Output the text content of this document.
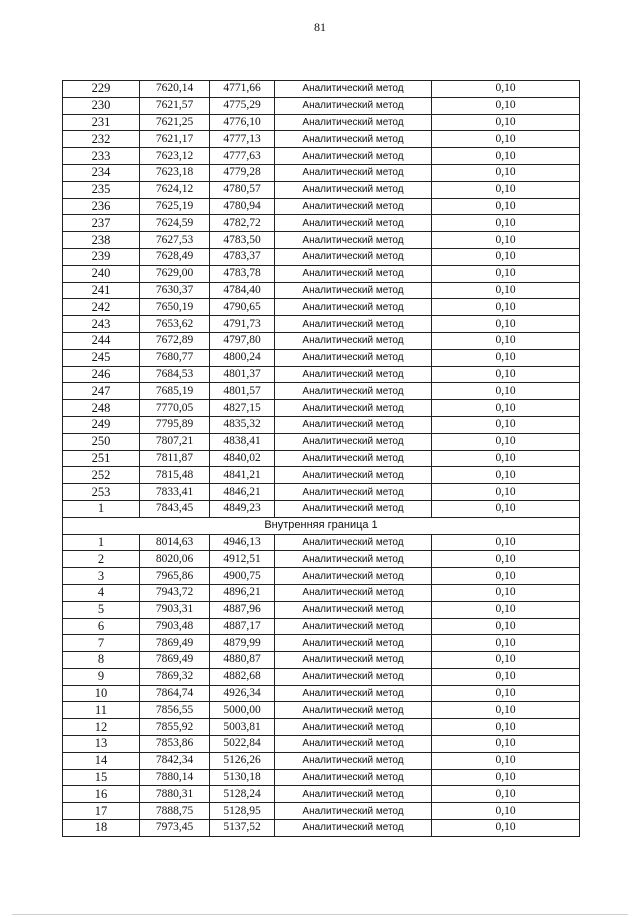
81
229	7620,14	4771,66	Аналитический метод	0,10
230	7621,57	4775,29	Аналитический метод	0,10
231	7621,25	4776,10	Аналитический метод	0,10
232	7621,17	4777,13	Аналитический метод	0,10
233	7623,12	4777,63	Аналитический метод	0,10
234	7623,18	4779,28	Аналитический метод	0,10
235	7624,12	4780,57	Аналитический метод	0,10
236	7625,19	4780,94	Аналитический метод	0,10
237	7624,59	4782,72	Аналитический метод	0,10
238	7627,53	4783,50	Аналитический метод	0,10
239	7628,49	4783,37	Аналитический метод	0,10
240	7629,00	4783,78	Аналитический метод	0,10
241	7630,37	4784,40	Аналитический метод	0,10
242	7650,19	4790,65	Аналитический метод	0,10
243	7653,62	4791,73	Аналитический метод	0,10
244	7672,89	4797,80	Аналитический метод	0,10
245	7680,77	4800,24	Аналитический метод	0,10
246	7684,53	4801,37	Аналитический метод	0,10
247	7685,19	4801,57	Аналитический метод	0,10
248	7770,05	4827,15	Аналитический метод	0,10
249	7795,89	4835,32	Аналитический метод	0,10
250	7807,21	4838,41	Аналитический метод	0,10
251	7811,87	4840,02	Аналитический метод	0,10
252	7815,48	4841,21	Аналитический метод	0,10
253	7833,41	4846,21	Аналитический метод	0,10
1	7843,45	4849,23	Аналитический метод	0,10
Внутренняя граница 1				
1	8014,63	4946,13	Аналитический метод	0,10
2	8020,06	4912,51	Аналитический метод	0,10
3	7965,86	4900,75	Аналитический метод	0,10
4	7943,72	4896,21	Аналитический метод	0,10
5	7903,31	4887,96	Аналитический метод	0,10
6	7903,48	4887,17	Аналитический метод	0,10
7	7869,49	4879,99	Аналитический метод	0,10
8	7869,49	4880,87	Аналитический метод	0,10
9	7869,32	4882,68	Аналитический метод	0,10
10	7864,74	4926,34	Аналитический метод	0,10
11	7856,55	5000,00	Аналитический метод	0,10
12	7855,92	5003,81	Аналитический метод	0,10
13	7853,86	5022,84	Аналитический метод	0,10
14	7842,34	5126,26	Аналитический метод	0,10
15	7880,14	5130,18	Аналитический метод	0,10
16	7880,31	5128,24	Аналитический метод	0,10
17	7888,75	5128,95	Аналитический метод	0,10
18	7973,45	5137,52	Аналитический метод	0,10
